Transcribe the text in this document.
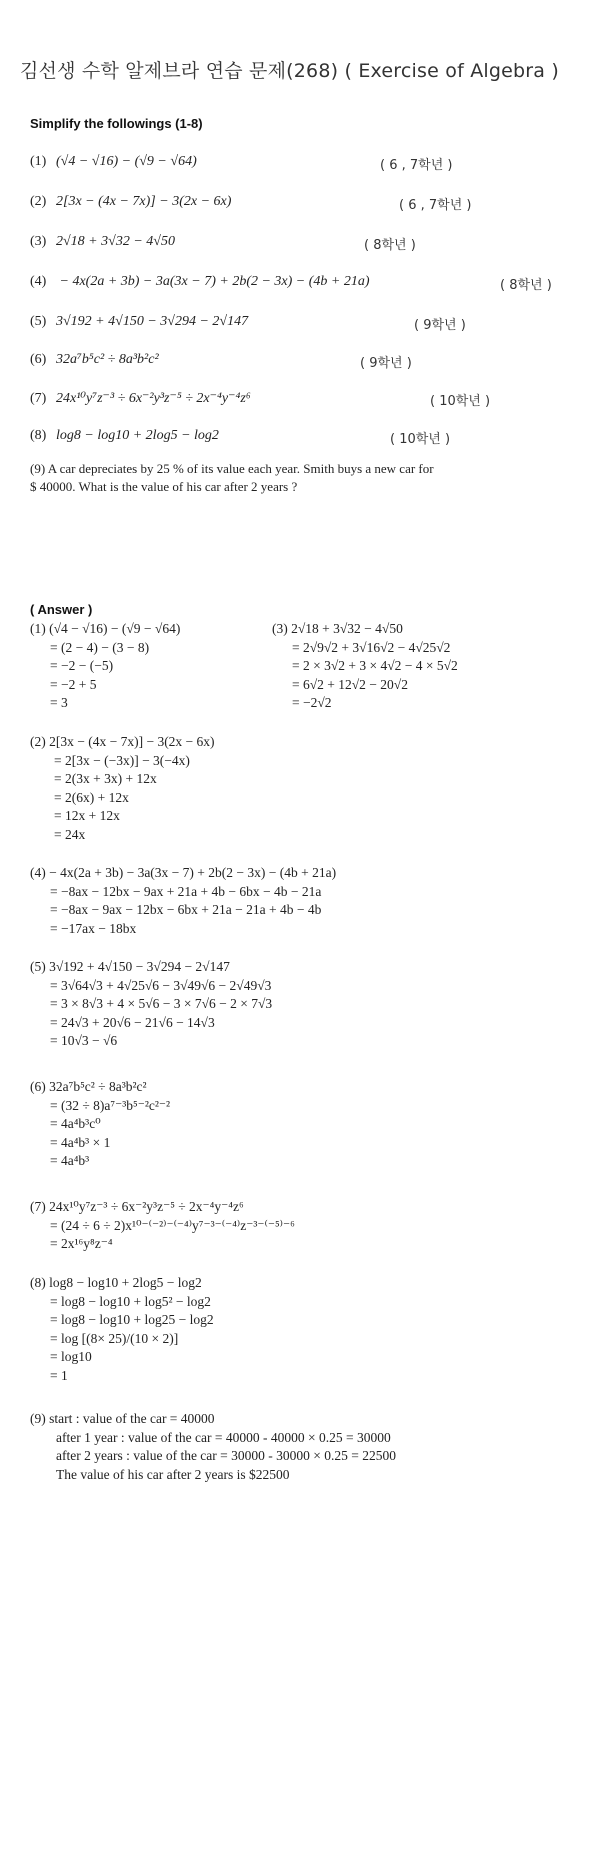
김선생 수학 알제브라 연습 문제(268) ( Exercise of Algebra )
Simplify the followings (1-8)
(1) (√4 − √16) − (√9 − √64)	( 6 , 7학년 )
(2) 2[3x − (4x − 7x)] − 3(2x − 6x)	( 6 , 7학년 )
(3) 2√18 + 3√32 − 4√50	( 8학년 )
(4) − 4x(2a + 3b) − 3a(3x − 7) + 2b(2 − 3x) − (4b + 21a)	( 8학년 )
(5) 3√192 + 4√150 − 3√294 − 2√147	( 9학년 )
(6) 32a⁷b⁵c² ÷ 8a³b²c²	( 9학년 )
(7) 24x¹⁰y⁷z⁻³ ÷ 6x⁻²y³z⁻⁵ ÷ 2x⁻⁴y⁻⁴z⁶	( 10학년 )
(8) log8 − log10 + 2log5 − log2	( 10학년 )
(9) A car depreciates by 25 % of its value each year. Smith buys a new car for
$ 40000. What is the value of his car after 2 years ?
( Answer )
(1) (√4 − √16) − (√9 − √64)
= (2 − 4) − (3 − 8)
= −2 − (−5)
= −2 + 5
= 3
(3) 2√18 + 3√32 − 4√50
= 2√9√2 + 3√16√2 − 4√25√2
= 2 × 3√2 + 3 × 4√2 − 4 × 5√2
= 6√2 + 12√2 − 20√2
= −2√2
(2) 2[3x − (4x − 7x)] − 3(2x − 6x)
= 2[3x − (−3x)] − 3(−4x)
= 2(3x + 3x) + 12x
= 2(6x) + 12x
= 12x + 12x
= 24x
(4) − 4x(2a + 3b) − 3a(3x − 7) + 2b(2 − 3x) − (4b + 21a)
= −8ax − 12bx − 9ax + 21a + 4b − 6bx − 4b − 21a
= −8ax − 9ax − 12bx − 6bx + 21a − 21a + 4b − 4b
= −17ax − 18bx
(5) 3√192 + 4√150 − 3√294 − 2√147
= 3√64√3 + 4√25√6 − 3√49√6 − 2√49√3
= 3 × 8√3 + 4 × 5√6 − 3 × 7√6 − 2 × 7√3
= 24√3 + 20√6 − 21√6 − 14√3
= 10√3 − √6
(6) 32a⁷b⁵c² ÷ 8a³b²c²
= (32 ÷ 8)a⁷⁻³b⁵⁻²c²⁻²
= 4a⁴b³c⁰
= 4a⁴b³ × 1
= 4a⁴b³
(7) 24x¹⁰y⁷z⁻³ ÷ 6x⁻²y³z⁻⁵ ÷ 2x⁻⁴y⁻⁴z⁶
= (24 ÷ 6 ÷ 2)x¹⁰⁻⁽⁻²⁾⁻⁽⁻⁴⁾y⁷⁻³⁻⁽⁻⁴⁾z⁻³⁻⁽⁻⁵⁾⁻⁶
= 2x¹⁶y⁸z⁻⁴
(8) log8 − log10 + 2log5 − log2
= log8 − log10 + log5² − log2
= log8 − log10 + log25 − log2
= log [(8× 25)/(10 × 2)]
= log10
= 1
(9) start : value of the car = 40000
after 1 year : value of the car = 40000 - 40000 × 0.25 = 30000
after 2 years : value of the car = 30000 - 30000 × 0.25 = 22500
The value of his car after 2 years is $22500
